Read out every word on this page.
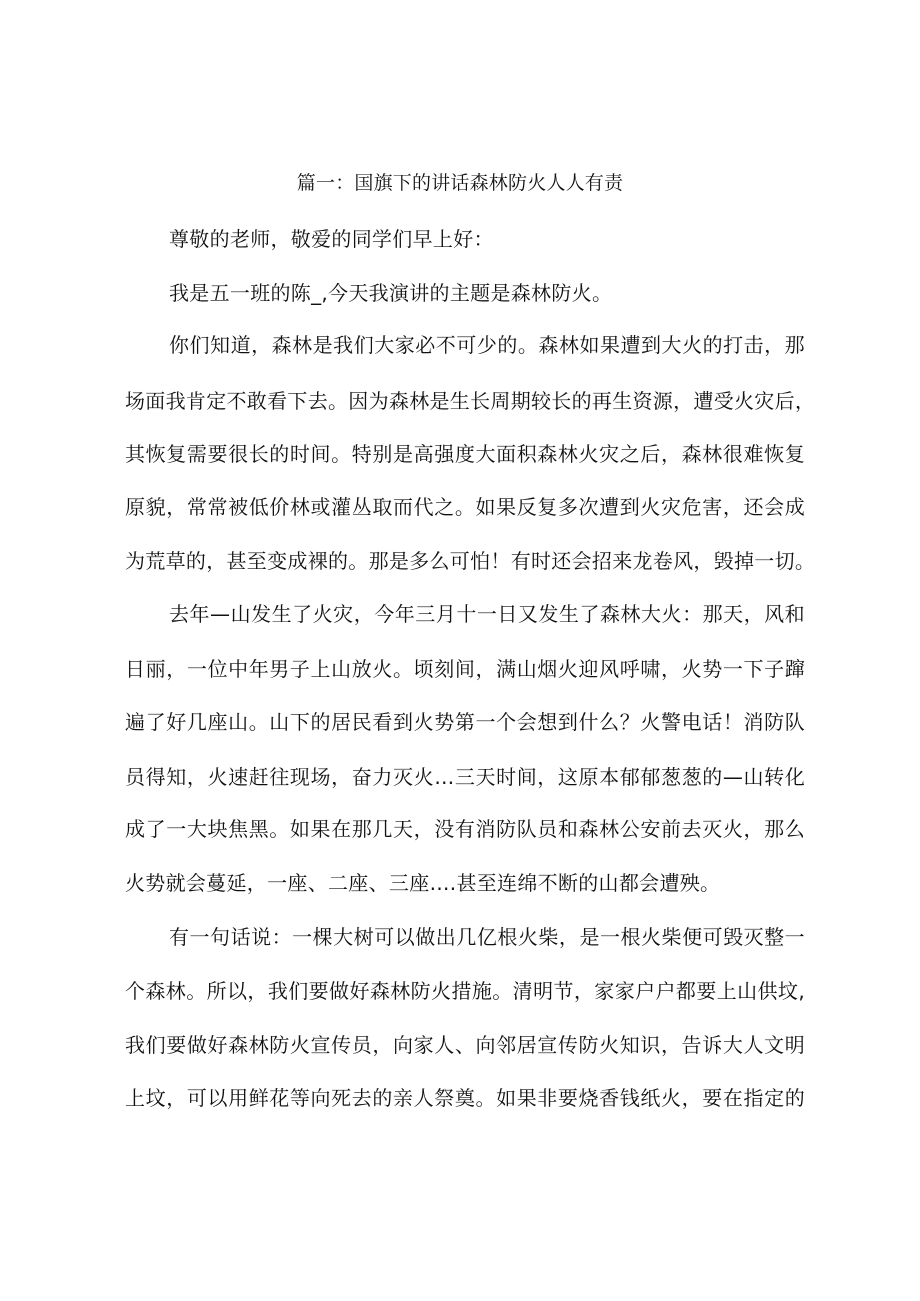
篇一：国旗下的讲话森林防火人人有责
尊敬的老师，敬爱的同学们早上好：
我是五一班的陈_,今天我演讲的主题是森林防火。
你们知道，森林是我们大家必不可少的。森林如果遭到大火的打击，那
场面我肯定不敢看下去。因为森林是生长周期较长的再生资源，遭受火灾后，
其恢复需要很长的时间。特别是高强度大面积森林火灾之后，森林很难恢复
原貌，常常被低价林或灌丛取而代之。如果反复多次遭到火灾危害，还会成
为荒草的，甚至变成裸的。那是多么可怕！有时还会招来龙卷风，毁掉一切。
去年—山发生了火灾，今年三月十一日又发生了森林大火：那天，风和
日丽，一位中年男子上山放火。顷刻间，满山烟火迎风呼啸，火势一下子蹿
遍了好几座山。山下的居民看到火势第一个会想到什么？火警电话！消防队
员得知，火速赶往现场，奋力灭火…三天时间，这原本郁郁葱葱的—山转化
成了一大块焦黑。如果在那几天，没有消防队员和森林公安前去灭火，那么
火势就会蔓延，一座、二座、三座….甚至连绵不断的山都会遭殃。
有一句话说：一棵大树可以做出几亿根火柴，是一根火柴便可毁灭整一
个森林。所以，我们要做好森林防火措施。清明节，家家户户都要上山供坟,
我们要做好森林防火宣传员，向家人、向邻居宣传防火知识，告诉大人文明
上坟，可以用鲜花等向死去的亲人祭奠。如果非要烧香钱纸火，要在指定的
